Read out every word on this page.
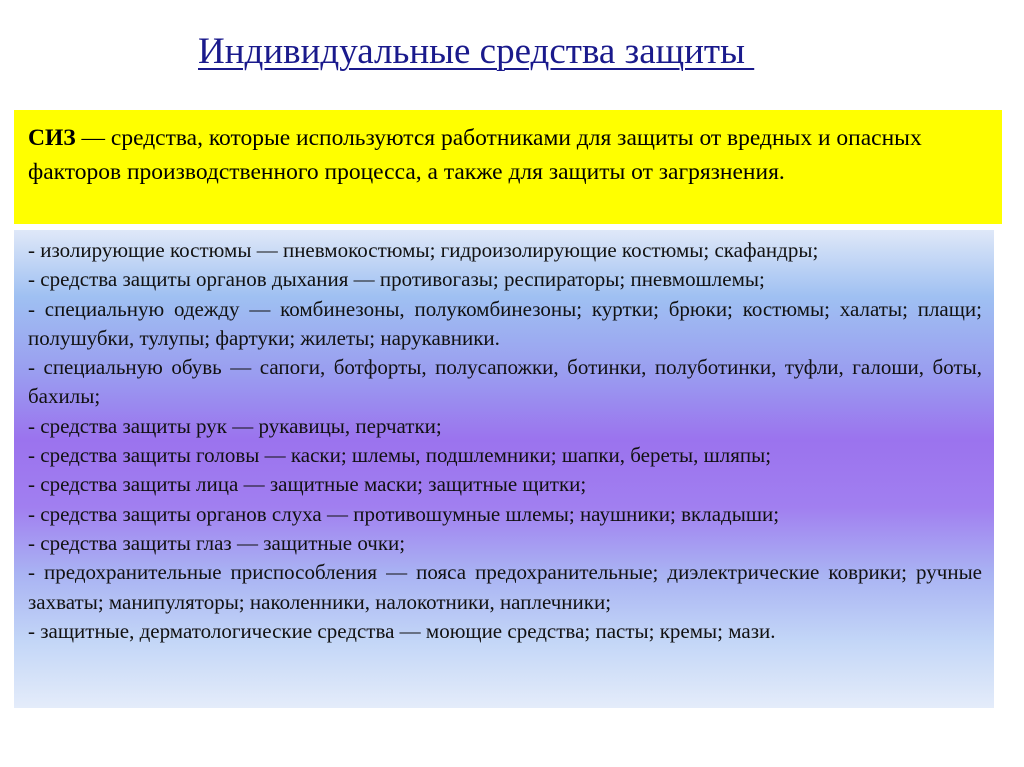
Индивидуальные средства защиты
СИЗ — средства, которые используются работниками для защиты от вредных и опасных факторов производственного процесса, а также для защиты от загрязнения.

- изолирующие костюмы — пневмокостюмы; гидроизолирующие костюмы; скафандры;

- средства защиты органов дыхания — противогазы; респираторы; пневмошлемы;

- специальную одежду — комбинезоны, полукомбинезоны; куртки; брюки; костюмы; халаты; плащи; полушубки, тулупы; фартуки; жилеты; нарукавники.

- специальную обувь — сапоги, ботфорты, полусапожки, ботинки, полуботинки, туфли, галоши, боты, бахилы;

- средства защиты рук — рукавицы, перчатки;

- средства защиты головы — каски; шлемы, подшлемники; шапки, береты, шляпы;

- средства защиты лица — защитные маски; защитные щитки;

- средства защиты органов слуха — противошумные шлемы; наушники; вкладыши;

- средства защиты глаз — защитные очки;

- предохранительные приспособления — пояса предохранительные; диэлектрические коврики; ручные захваты; манипуляторы; наколенники, налокотники, наплечники;

- защитные, дерматологические средства — моющие средства; пасты; кремы; мази.
